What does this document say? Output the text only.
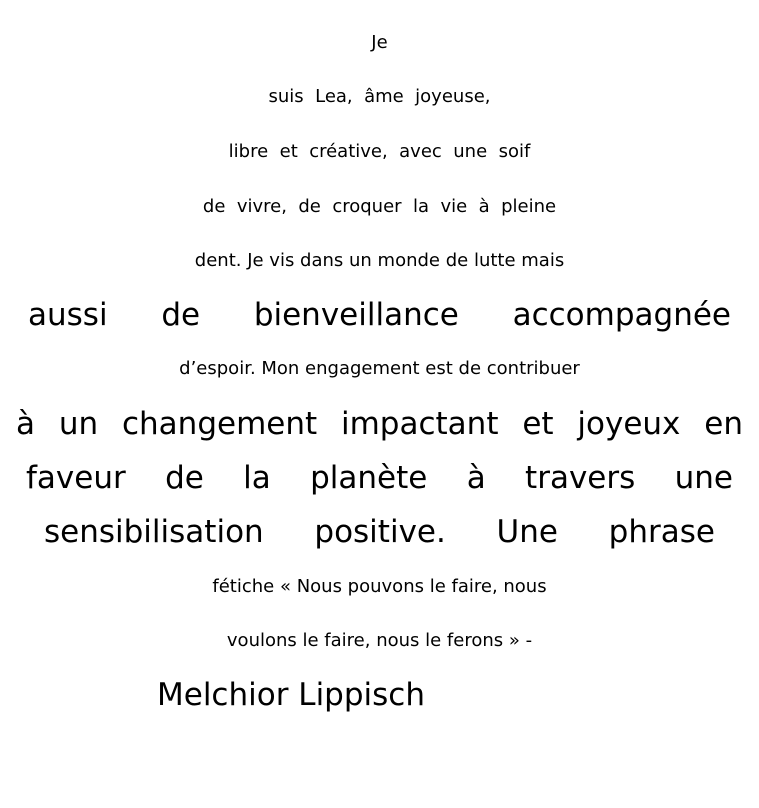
Je
suis  Lea,  âme  joyeuse,
libre  et  créative,  avec  une  soif
de  vivre,  de  croquer  la  vie  à  pleine
dent. Je vis dans un monde de lutte mais
aussi de bienveillance accompagnée
d’espoir. Mon engagement est de contribuer
à un changement impactant et joyeux en
faveur de la planète à travers une
sensibilisation positive. Une phrase
fétiche « Nous pouvons le faire, nous
voulons le faire, nous le ferons » -
Melchior Lippisch
